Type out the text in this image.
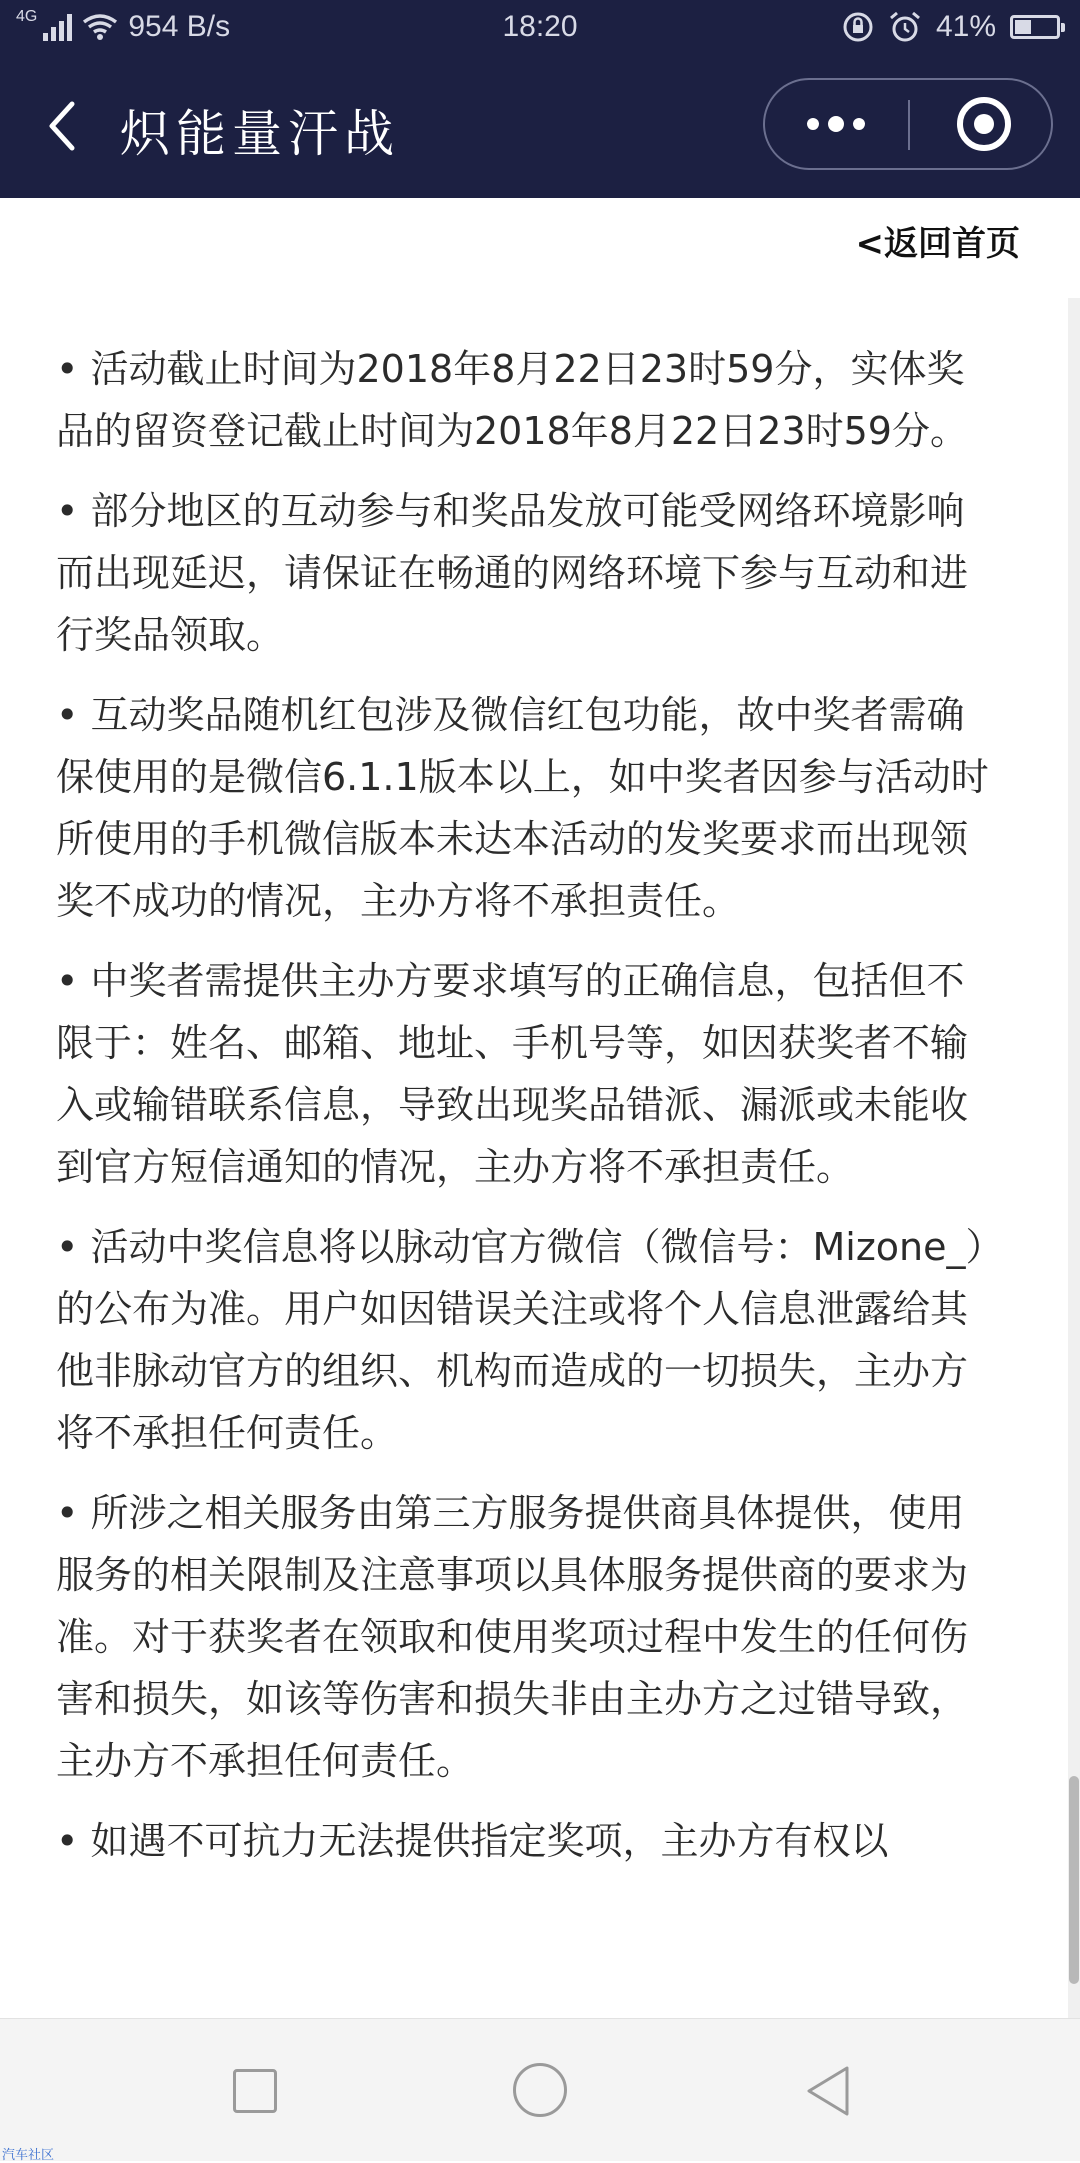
4G	954 B/s	18:20	41%
炽能量汗战
<返回首页

• 活动截止时间为2018年8月22日23时59分，实体奖品的留资登记截止时间为2018年8月22日23时59分。

• 部分地区的互动参与和奖品发放可能受网络环境影响而出现延迟，请保证在畅通的网络环境下参与互动和进行奖品领取。

• 互动奖品随机红包涉及微信红包功能，故中奖者需确保使用的是微信6.1.1版本以上，如中奖者因参与活动时所使用的手机微信版本未达本活动的发奖要求而出现领奖不成功的情况，主办方将不承担责任。

• 中奖者需提供主办方要求填写的正确信息，包括但不限于：姓名、邮箱、地址、手机号等，如因获奖者不输入或输错联系信息，导致出现奖品错派、漏派或未能收到官方短信通知的情况，主办方将不承担责任。

• 活动中奖信息将以脉动官方微信（微信号：Mizone_）的公布为准。用户如因错误关注或将个人信息泄露给其他非脉动官方的组织、机构而造成的一切损失，主办方将不承担任何责任。

• 所涉之相关服务由第三方服务提供商具体提供，使用服务的相关限制及注意事项以具体服务提供商的要求为准。对于获奖者在领取和使用奖项过程中发生的任何伤害和损失，如该等伤害和损失非由主办方之过错导致，主办方不承担任何责任。

• 如遇不可抗力无法提供指定奖项，主办方有权以

汽车社区
